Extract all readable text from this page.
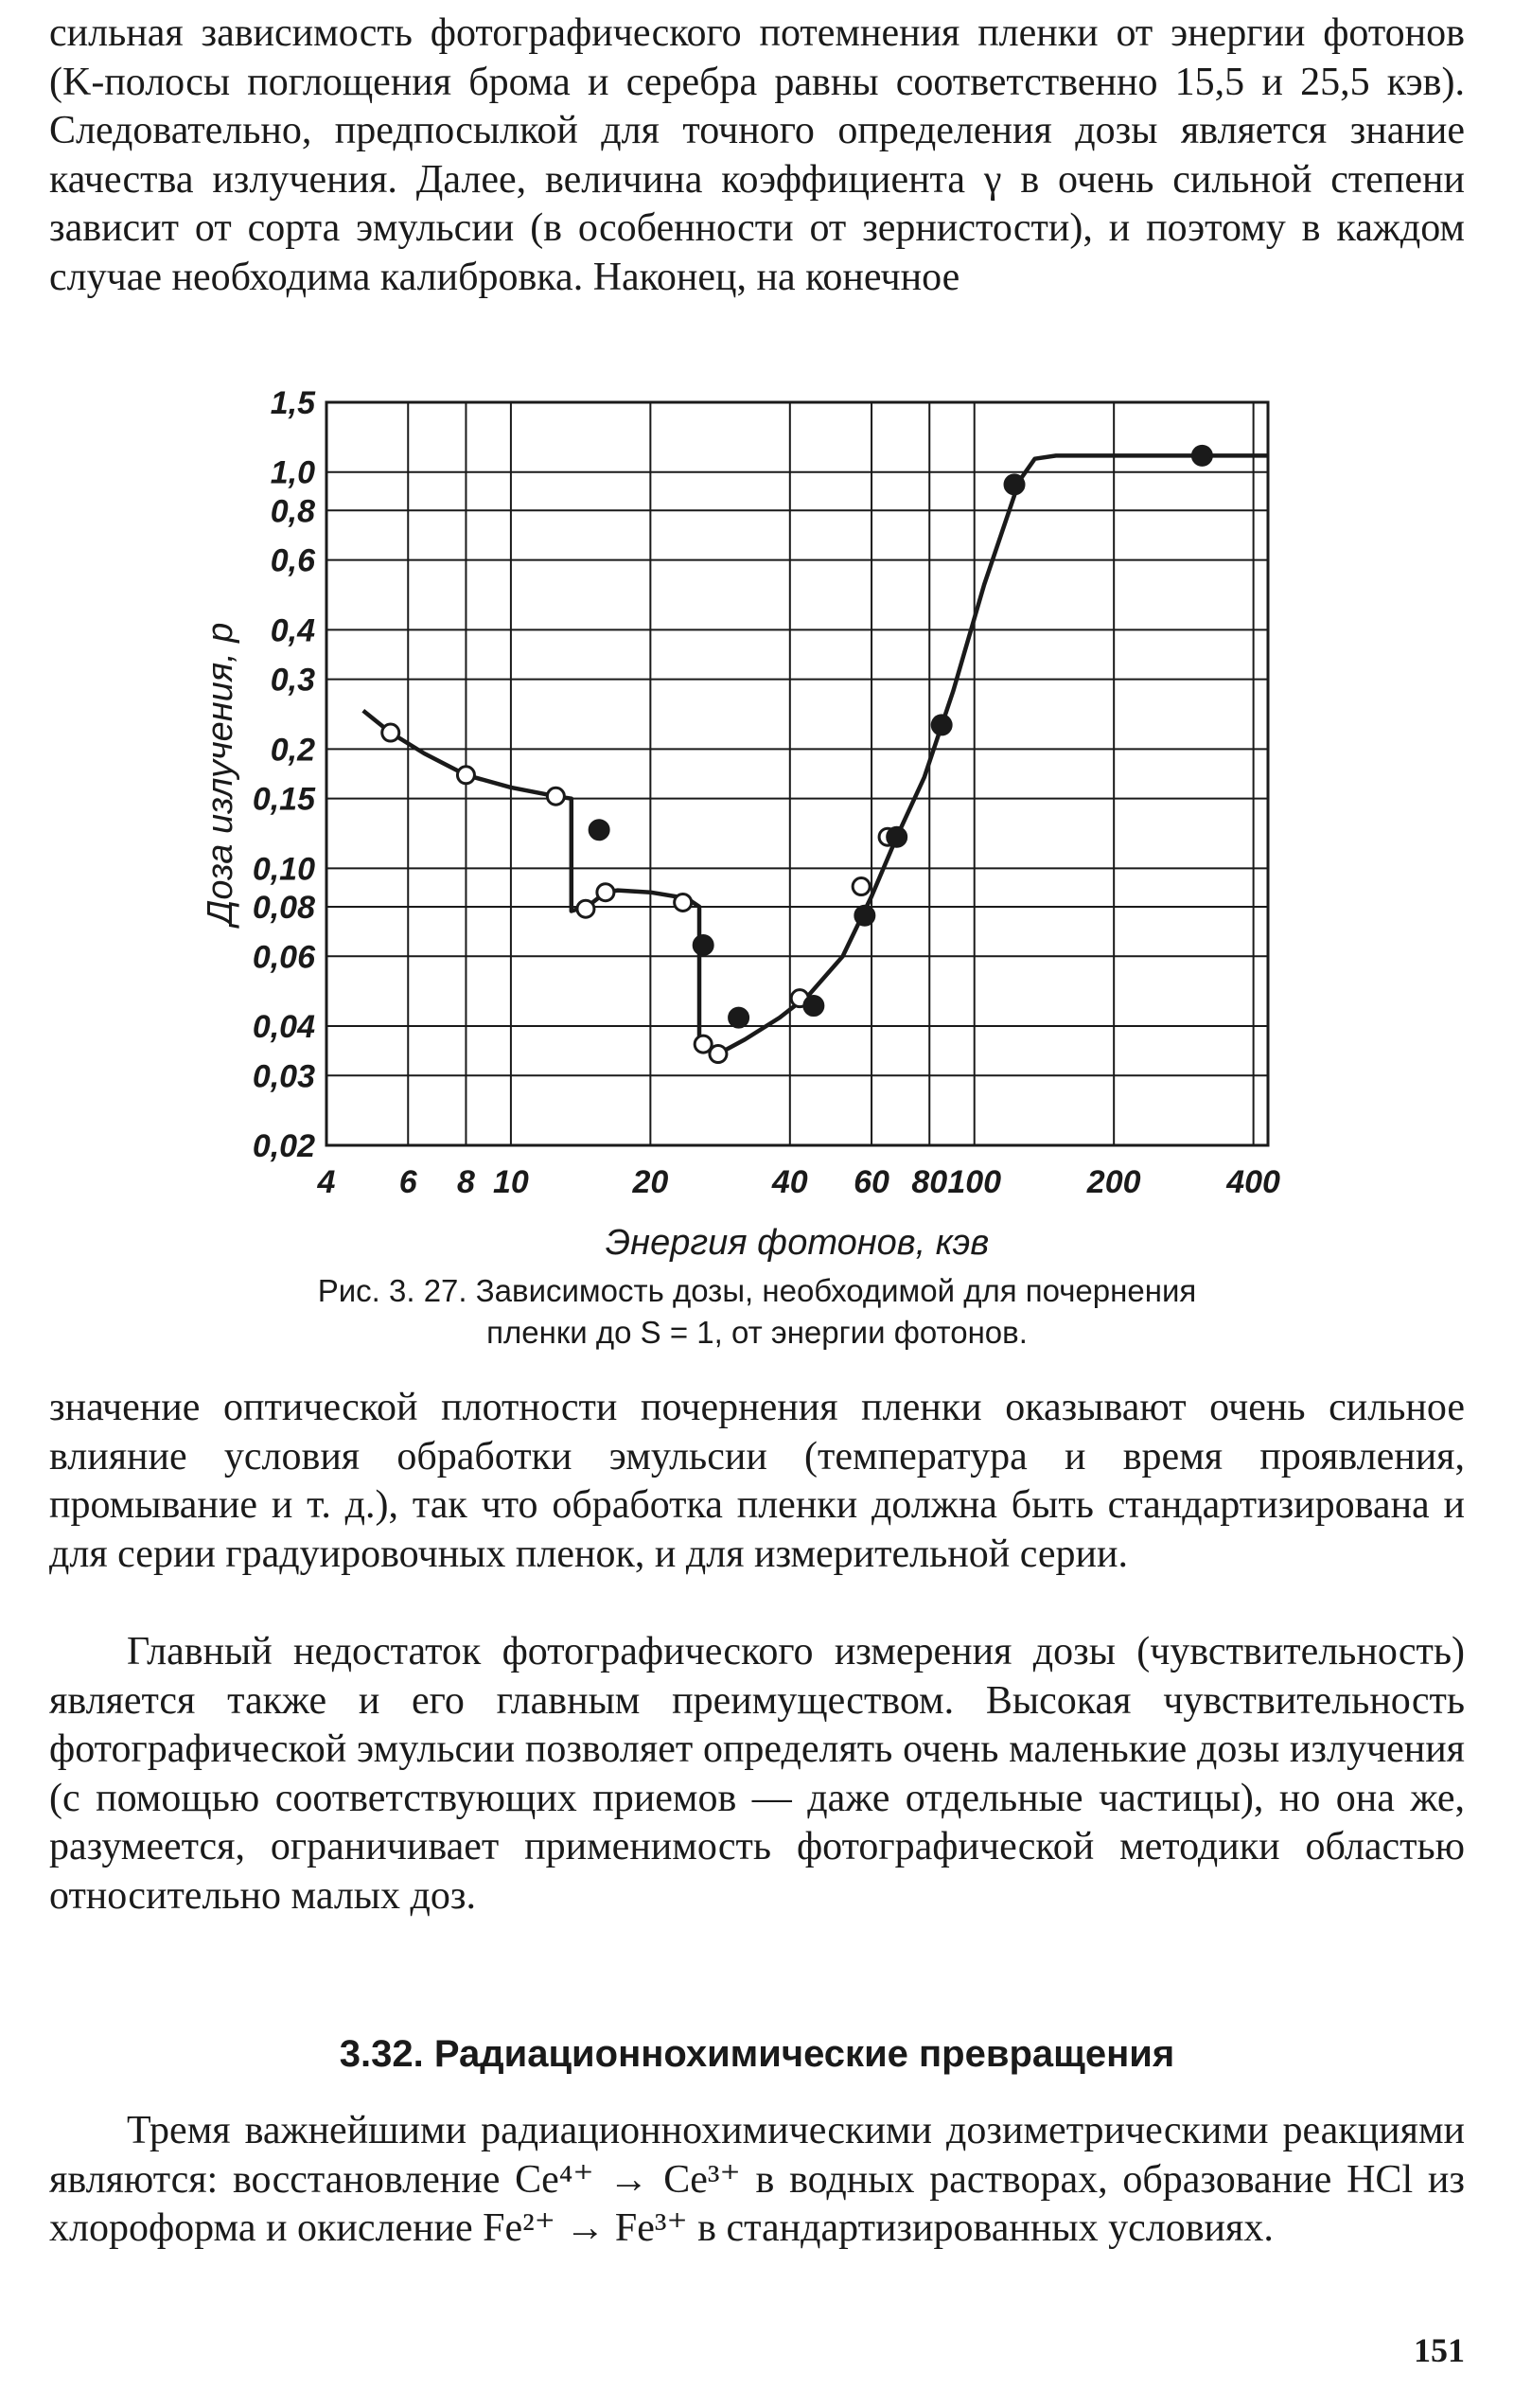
сильная зависимость фотографического потемнения пленки от энергии фотонов (K-полосы поглощения брома и серебра равны соответственно 15,5 и 25,5 кэв). Следовательно, предпосылкой для точного определения дозы является знание качества излучения. Далее, величина коэффициента γ в очень сильной степени зависит от сорта эмульсии (в особенности от зернистости), и поэтому в каждом случае необходима калибровка. Наконец, на конечное

4 6 8 10	20	40 60 80 100	200	400
0,02
0,03
0,04
0,06
0,08
0,10
0,15
0,2
0,3
0,4
0,6
0,8
1,0
1,5
Энергия фотонов, кэв
Доза излучения, р

Рис. 3. 27. Зависимость дозы, необходимой для почернения

пленки до S = 1, от энергии фотонов.

значение оптической плотности почернения пленки оказывают очень сильное влияние условия обработки эмульсии (температура и время проявления, промывание и т. д.), так что обработка пленки должна быть стандартизирована и для серии градуировочных пленок, и для измерительной серии.

Главный недостаток фотографического измерения дозы (чувствительность) является также и его главным преимуществом. Высокая чувствительность фотографической эмульсии позволяет определять очень маленькие дозы излучения (с помощью соответствующих приемов — даже отдельные частицы), но она же, разумеется, ограничивает применимость фотографической методики областью относительно малых доз.

3.32. Радиационнохимические превращения

Тремя важнейшими радиационнохимическими дозиметрическими реакциями являются: восстановление Ce⁴⁺ → Ce³⁺ в водных растворах, образование HCl из хлороформа и окисление Fe²⁺ → Fe³⁺ в стандартизированных условиях.

151
